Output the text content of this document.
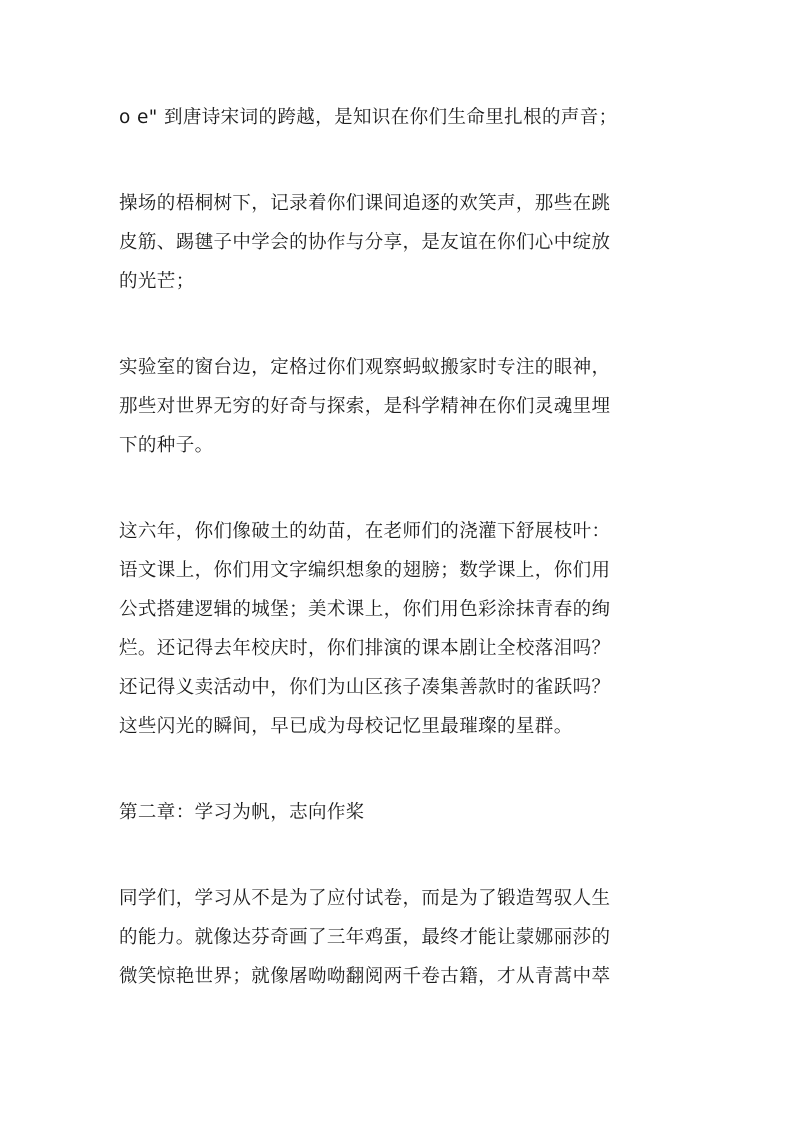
o e" 到唐诗宋词的跨越，是知识在你们生命里扎根的声音；
操场的梧桐树下，记录着你们课间追逐的欢笑声，那些在跳
皮筋、踢毽子中学会的协作与分享，是友谊在你们心中绽放
的光芒；
实验室的窗台边，定格过你们观察蚂蚁搬家时专注的眼神，
那些对世界无穷的好奇与探索，是科学精神在你们灵魂里埋
下的种子。
这六年，你们像破土的幼苗，在老师们的浇灌下舒展枝叶：
语文课上，你们用文字编织想象的翅膀；数学课上，你们用
公式搭建逻辑的城堡；美术课上，你们用色彩涂抹青春的绚
烂。还记得去年校庆时，你们排演的课本剧让全校落泪吗？
还记得义卖活动中，你们为山区孩子凑集善款时的雀跃吗？
这些闪光的瞬间，早已成为母校记忆里最璀璨的星群。
第二章：学习为帆，志向作桨
同学们，学习从不是为了应付试卷，而是为了锻造驾驭人生
的能力。就像达芬奇画了三年鸡蛋，最终才能让蒙娜丽莎的
微笑惊艳世界；就像屠呦呦翻阅两千卷古籍，才从青蒿中萃
